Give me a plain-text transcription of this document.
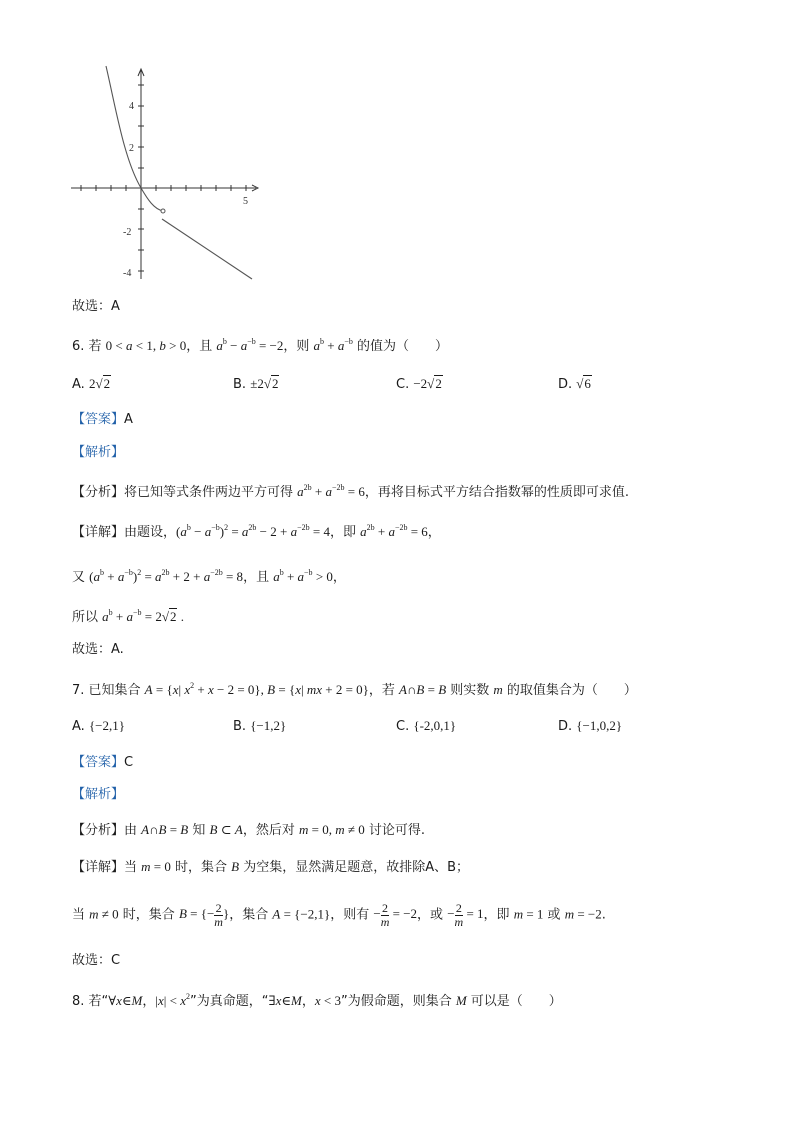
5
4
2
-2
-4
故选：A
6. 若 0 < a < 1, b > 0，且 $a^b - a^{-b} = -2$，则 $a^b + a^{-b}$ 的值为（　　）
A. 2√2	B. ±2√2	C. −2√2	D. √6
【答案】A
【解析】
【分析】将已知等式条件两边平方可得 $a^{2b} + a^{-2b} = 6$，再将目标式平方结合指数幂的性质即可求值.
【详解】由题设，$(a^b - a^{-b})^2 = a^{2b} - 2 + a^{-2b} = 4$，即 $a^{2b} + a^{-2b} = 6$，
又 $(a^b + a^{-b})^2 = a^{2b} + 2 + a^{-2b} = 8$，且 $a^b + a^{-b} > 0$，
所以 $a^b + a^{-b} = 2√2$ .
故选：A.
7. 已知集合 A = {x| $x^2 + x - 2 = 0$}, B = {x| mx + 2 = 0}，若 A∩B = B 则实数 m 的取值集合为（　　）
A. {−2,1}	B. {−1,2}	C. {-2,0,1}	D. {−1,0,2}
【答案】C
【解析】
【分析】由 A∩B = B 知 B ⊂ A，然后对 m = 0, m ≠ 0 讨论可得.
【详解】当 m = 0 时，集合 B 为空集，显然满足题意，故排除A、B；
当 m ≠ 0 时，集合 B = {− $\frac{2}{m}$ }，集合 A = {−2,1}，则有 − $\frac{2}{m} = -2$，或 − $\frac{2}{m} = 1$，即 m = 1 或 m = −2.
故选：C
8. 若“∀x∈M，$|x| < x^2$”为真命题，“∃x∈M，x < 3”为假命题，则集合 M 可以是（　　）
